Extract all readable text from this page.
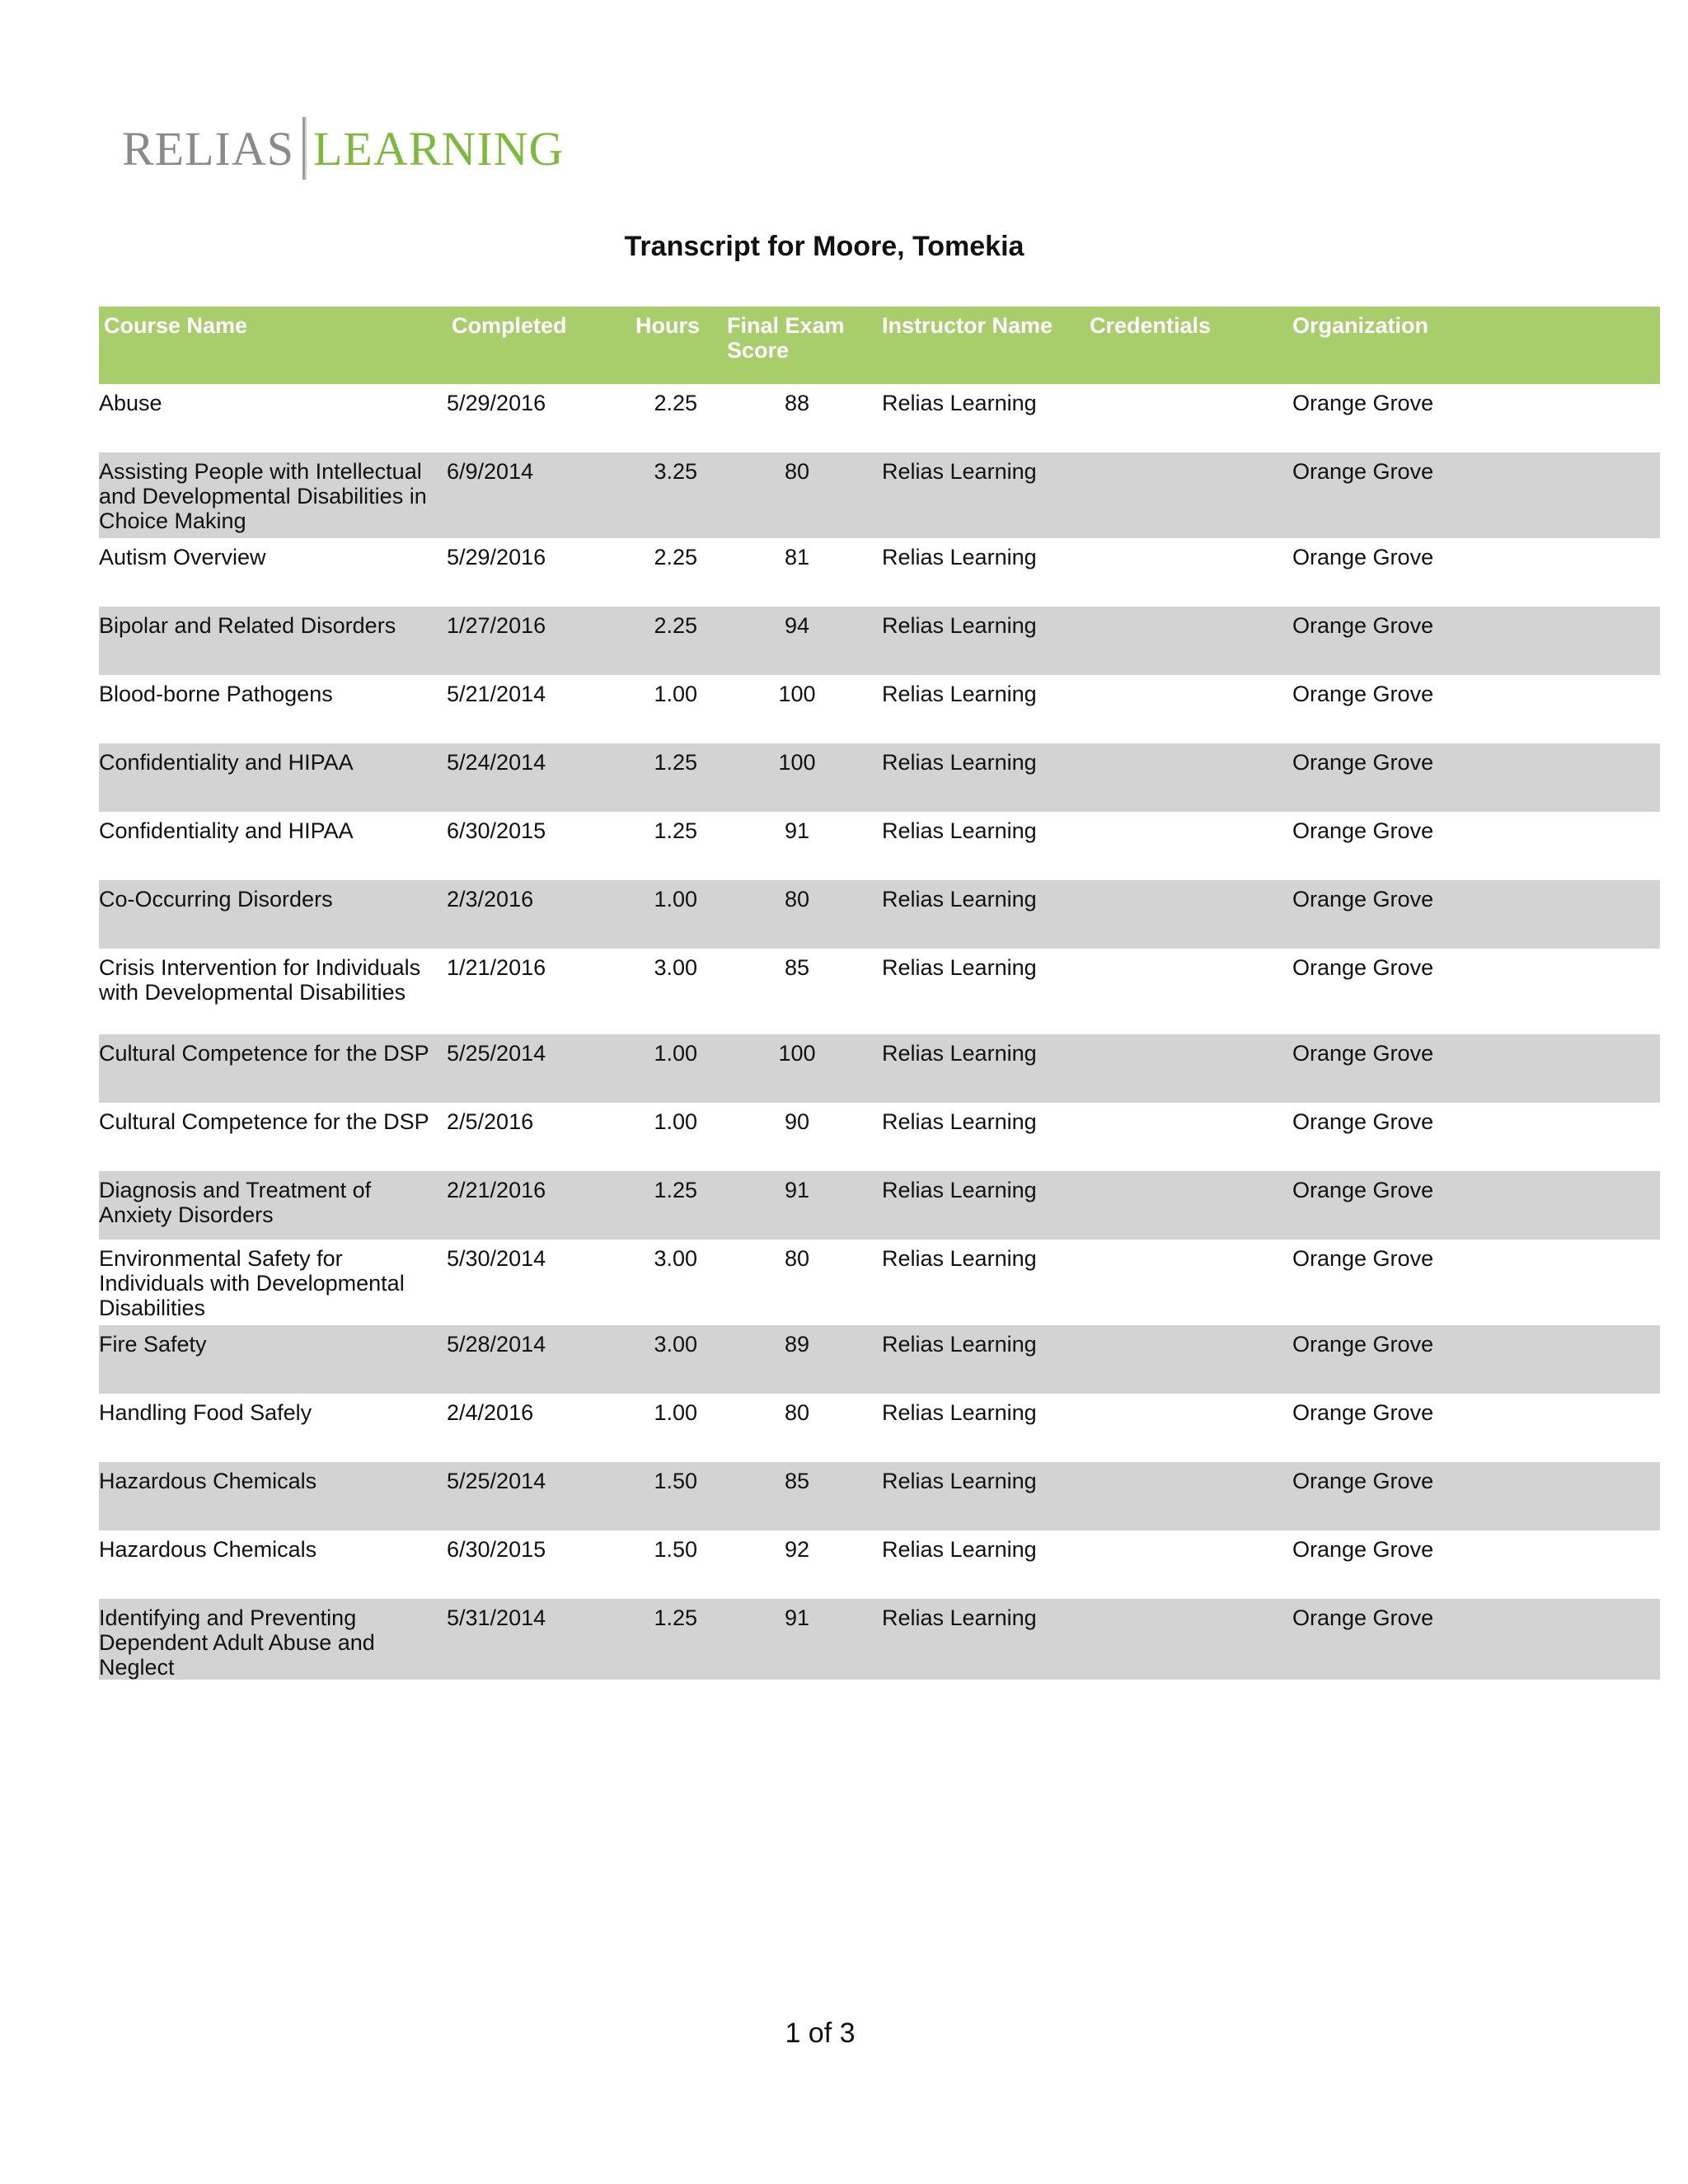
RELIAS LEARNING
Transcript for Moore, Tomekia
Course Name	Completed	Hours	Final Exam Score	Instructor Name	Credentials	Organization
Abuse	5/29/2016	2.25	88	Relias Learning		Orange Grove
Assisting People with Intellectual and Developmental Disabilities in Choice Making	6/9/2014	3.25	80	Relias Learning		Orange Grove
Autism Overview	5/29/2016	2.25	81	Relias Learning		Orange Grove
Bipolar and Related Disorders	1/27/2016	2.25	94	Relias Learning		Orange Grove
Blood-borne Pathogens	5/21/2014	1.00	100	Relias Learning		Orange Grove
Confidentiality and HIPAA	5/24/2014	1.25	100	Relias Learning		Orange Grove
Confidentiality and HIPAA	6/30/2015	1.25	91	Relias Learning		Orange Grove
Co-Occurring Disorders	2/3/2016	1.00	80	Relias Learning		Orange Grove
Crisis Intervention for Individuals with Developmental Disabilities	1/21/2016	3.00	85	Relias Learning		Orange Grove
Cultural Competence for the DSP	5/25/2014	1.00	100	Relias Learning		Orange Grove
Cultural Competence for the DSP	2/5/2016	1.00	90	Relias Learning		Orange Grove
Diagnosis and Treatment of Anxiety Disorders	2/21/2016	1.25	91	Relias Learning		Orange Grove
Environmental Safety for Individuals with Developmental Disabilities	5/30/2014	3.00	80	Relias Learning		Orange Grove
Fire Safety	5/28/2014	3.00	89	Relias Learning		Orange Grove
Handling Food Safely	2/4/2016	1.00	80	Relias Learning		Orange Grove
Hazardous Chemicals	5/25/2014	1.50	85	Relias Learning		Orange Grove
Hazardous Chemicals	6/30/2015	1.50	92	Relias Learning		Orange Grove
Identifying and Preventing Dependent Adult Abuse and Neglect	5/31/2014	1.25	91	Relias Learning		Orange Grove
1 of 3
